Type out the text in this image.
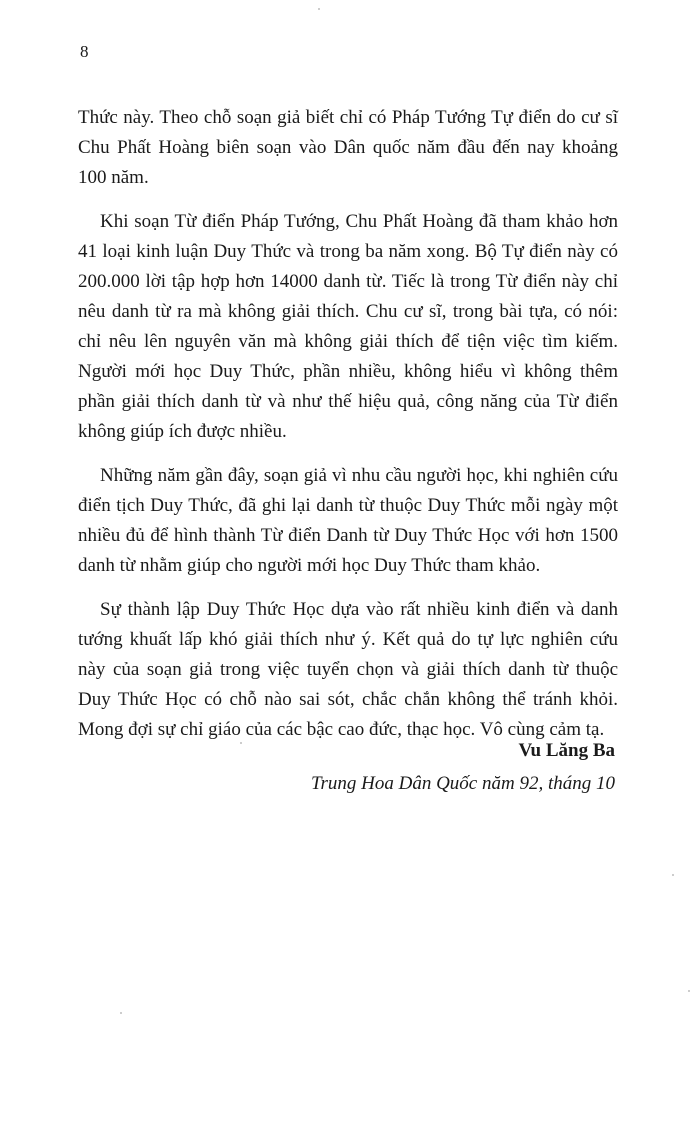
8

Thức này. Theo chỗ soạn giả biết chỉ có Pháp Tướng Tự điển do cư sĩ Chu Phất Hoàng biên soạn vào Dân quốc năm đầu đến nay khoảng 100 năm.

Khi soạn Từ điển Pháp Tướng, Chu Phất Hoàng đã tham khảo hơn 41 loại kinh luận Duy Thức và trong ba năm xong. Bộ Tự điển này có 200.000 lời tập hợp hơn 14000 danh từ. Tiếc là trong Từ điển này chỉ nêu danh từ ra mà không giải thích. Chu cư sĩ, trong bài tựa, có nói: chỉ nêu lên nguyên văn mà không giải thích để tiện việc tìm kiếm. Người mới học Duy Thức, phần nhiều, không hiểu vì không thêm phần giải thích danh từ và như thế hiệu quả, công năng của Từ điển không giúp ích được nhiều.

Những năm gần đây, soạn giả vì nhu cầu người học, khi nghiên cứu điển tịch Duy Thức, đã ghi lại danh từ thuộc Duy Thức mỗi ngày một nhiều đủ để hình thành Từ điển Danh từ Duy Thức Học với hơn 1500 danh từ nhằm giúp cho người mới học Duy Thức tham khảo.

Sự thành lập Duy Thức Học dựa vào rất nhiều kinh điển và danh tướng khuất lấp khó giải thích như ý. Kết quả do tự lực nghiên cứu này của soạn giả trong việc tuyển chọn và giải thích danh từ thuộc Duy Thức Học có chỗ nào sai sót, chắc chắn không thể tránh khỏi. Mong đợi sự chỉ giáo của các bậc cao đức, thạc học. Vô cùng cảm tạ.

Vu Lăng Ba
Trung Hoa Dân Quốc năm 92, tháng 10
